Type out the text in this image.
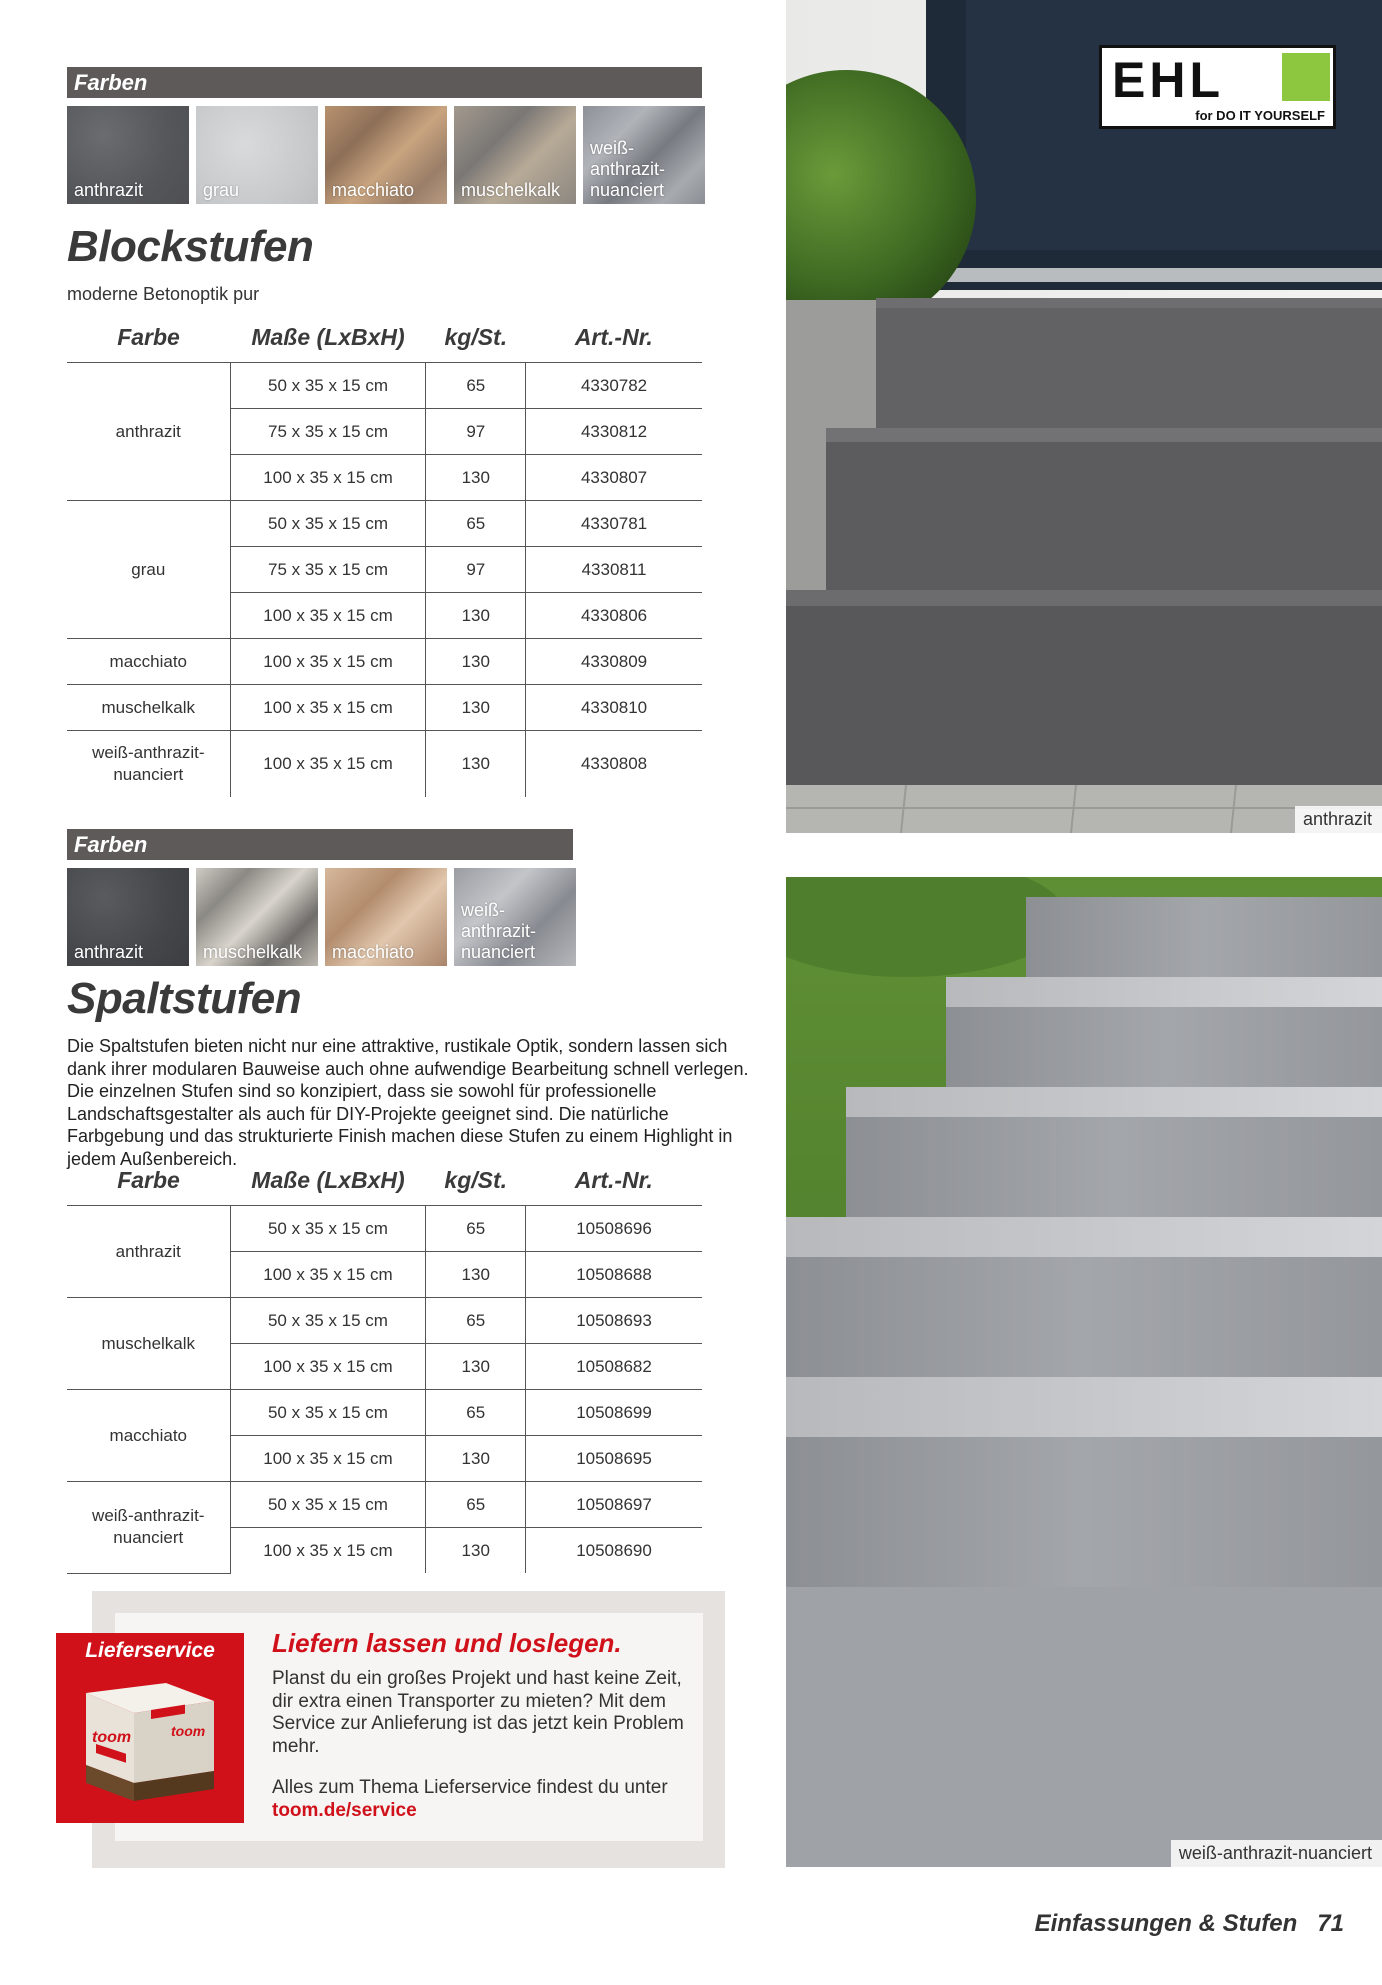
Farben
anthrazit	grau	macchiato	muschelkalk
weiß-anthrazit-nuanciert
Blockstufen
moderne Betonoptik pur
Farbe	Maße (LxBxH)	kg/St.	Art.-Nr.
anthrazit	50 x 35 x 15 cm	65	4330782
	75 x 35 x 15 cm	97	4330812
	100 x 35 x 15 cm	130	4330807
grau	50 x 35 x 15 cm	65	4330781
	75 x 35 x 15 cm	97	4330811
	100 x 35 x 15 cm	130	4330806
macchiato	100 x 35 x 15 cm	130	4330809
muschelkalk	100 x 35 x 15 cm	130	4330810

weiß-anthrazit-nuanciert	100 x 35 x 15 cm	130	4330808
Farben
anthrazit	muschelkalk macchiato
weiß-anthrazit-nuanciert
Spaltstufen
Die Spaltstufen bieten nicht nur eine attraktive, rustikale Optik, sondern lassen sich dank ihrer modularen Bauweise auch ohne aufwendige Bearbeitung schnell verlegen. Die einzelnen Stufen sind so konzipiert, dass sie sowohl für professionelle Landschaftsgestalter als auch für DIY-Projekte geeignet sind. Die natürliche Farbgebung und das strukturierte Finish machen diese Stufen zu einem Highlight in jedem Außenbereich.
Farbe	Maße (LxBxH)	kg/St.	Art.-Nr.
anthrazit	50 x 35 x 15 cm	65	10508696
	100 x 35 x 15 cm	130	10508688
muschelkalk	50 x 35 x 15 cm	65	10508693
	100 x 35 x 15 cm	130	10508682
macchiato	50 x 35 x 15 cm	65	10508699
	100 x 35 x 15 cm	130	10508695

weiß-anthrazit-nuanciert	50 x 35 x 15 cm	65	10508697
	100 x 35 x 15 cm	130	10508690
Lieferservice
toom	toom
Liefern lassen und loslegen.
Planst du ein großes Projekt und hast keine Zeit, dir extra einen Transporter zu mieten? Mit dem Service zur Anlieferung ist das jetzt kein Problem mehr.
Alles zum Thema Lieferservice findest du unter toom.de/service
anthrazit
EHL
for DO IT YOURSELF
weiß-anthrazit-nuanciert
Einfassungen & Stufen 71
